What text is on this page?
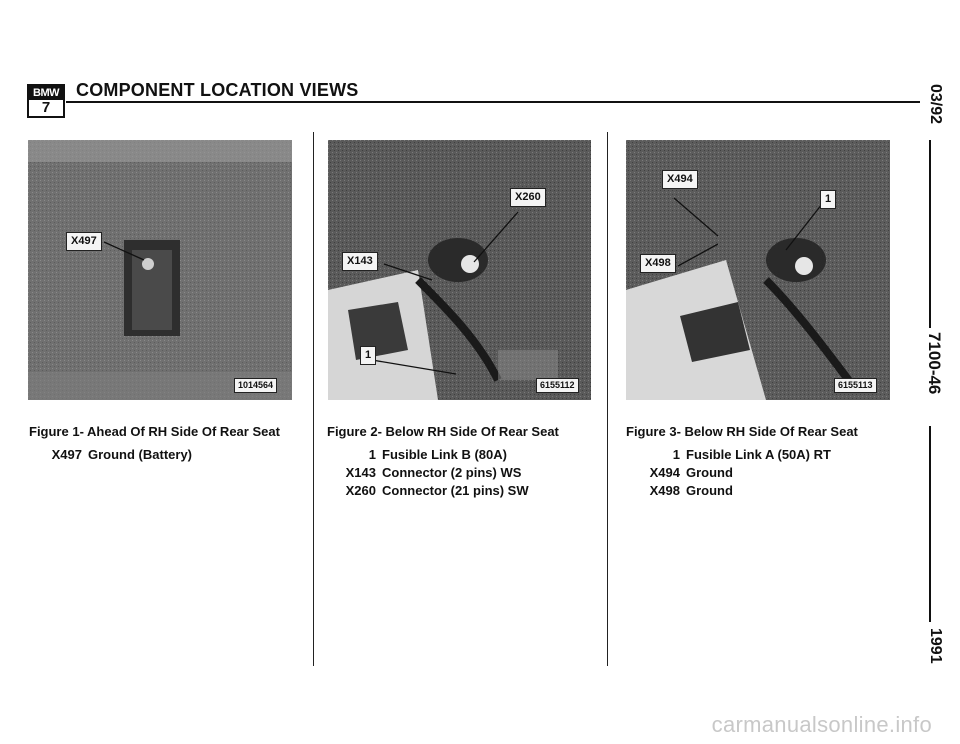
BMW
7
COMPONENT LOCATION VIEWS	03/92
7100-46
1991
X497
1014564
X260
X143
1
6155112
X494
1
X498
6155113
Figure 1- Ahead Of RH Side Of Rear Seat	Figure 2- Below RH Side Of Rear Seat	Figure 3- Below RH Side Of Rear Seat
X497 Ground (Battery)	1 Fusible Link B (80A)
X143 Connector (2 pins) WS
X260 Connector (21 pins) SW
1 Fusible Link A (50A) RT
X494 Ground
X498 Ground
carmanualsonline.info
